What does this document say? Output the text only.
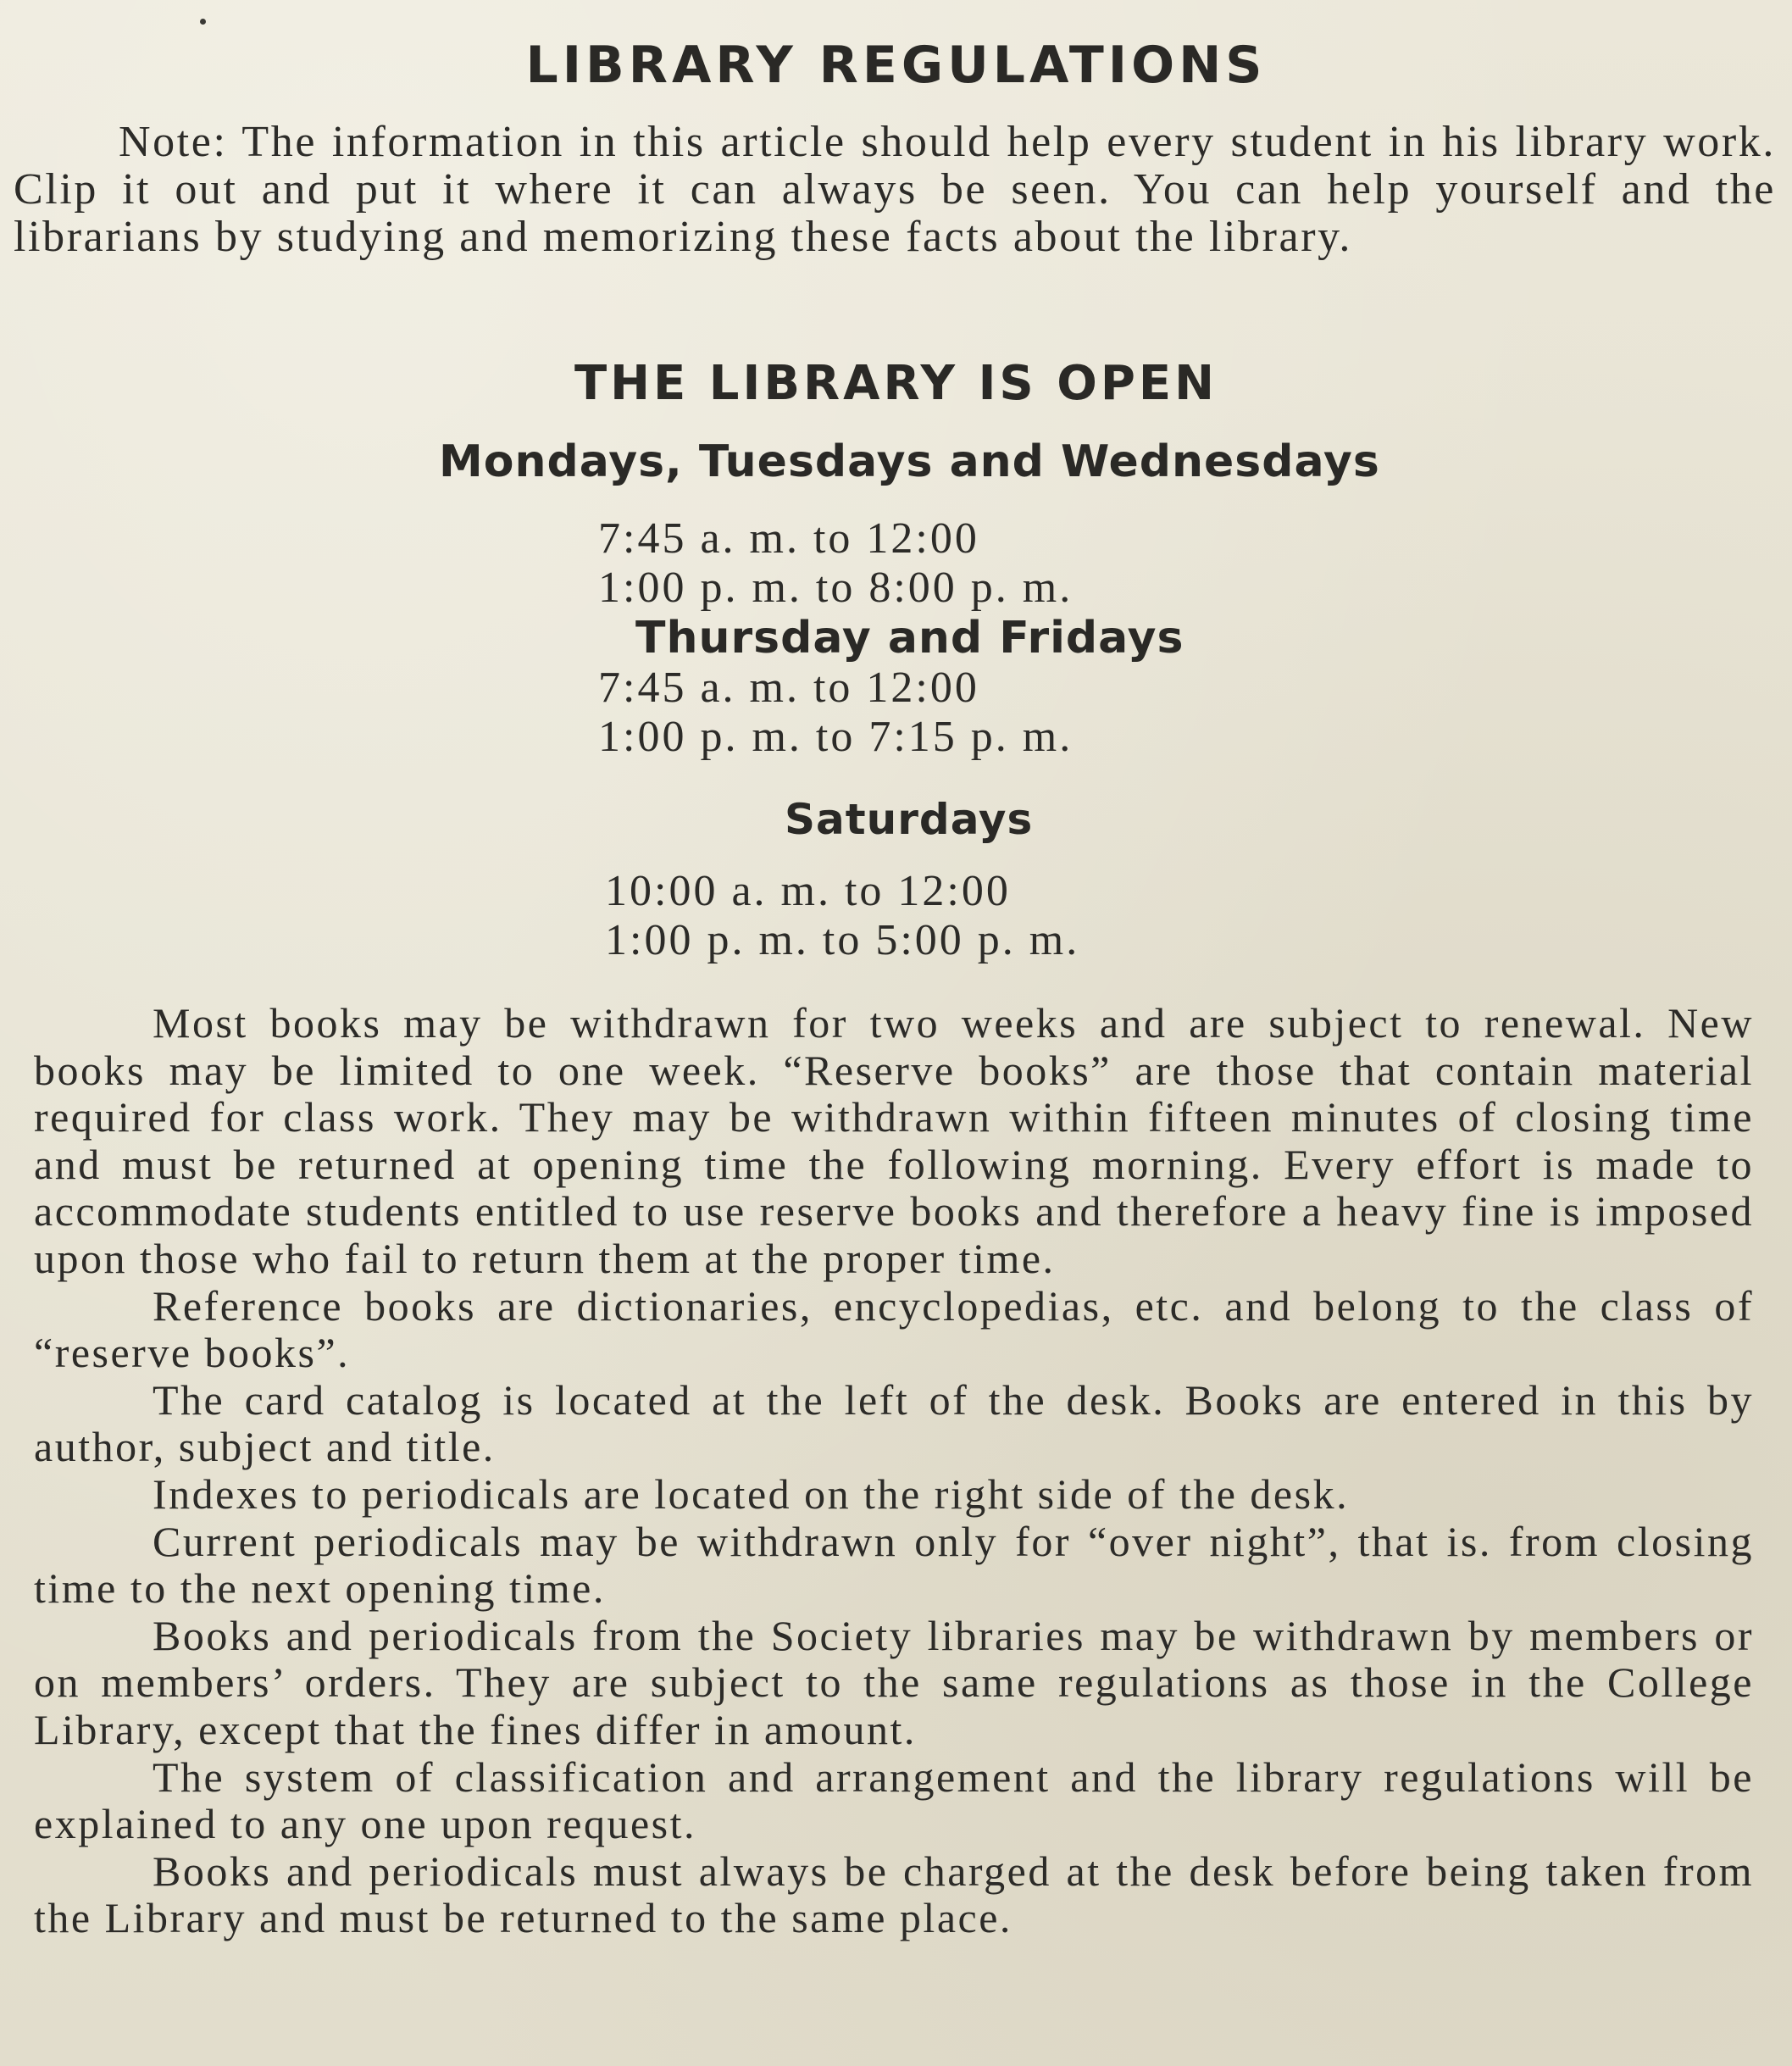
LIBRARY REGULATIONS
Note: The information in this article should help every student in his library work. Clip it out and put it where it can always be seen. You can help yourself and the librarians by studying and memorizing these facts about the library.
THE LIBRARY IS OPEN
Mondays, Tuesdays and Wednesdays
7:45 a. m. to 12:00
1:00 p. m. to 8:00 p. m.
Thursday and Fridays
7:45 a. m. to 12:00
1:00 p. m. to 7:15 p. m.
Saturdays
10:00 a. m. to 12:00
1:00 p. m. to 5:00 p. m.

Most books may be withdrawn for two weeks and are subject to renewal. New books may be limited to one week. “Reserve books” are those that contain material required for class work. They may be withdrawn within fifteen minutes of closing time and must be returned at opening time the following morning. Every effort is made to accommodate students entitled to use reserve books and therefore a heavy fine is imposed upon those who fail to return them at the proper time.

Reference books are dictionaries, encyclopedias, etc. and belong to the class of “reserve books”.

The card catalog is located at the left of the desk. Books are entered in this by author, subject and title.

Indexes to periodicals are located on the right side of the desk.

Current periodicals may be withdrawn only for “over night”, that is. from closing time to the next opening time.

Books and periodicals from the Society libraries may be withdrawn by members or on members’ orders. They are subject to the same regulations as those in the College Library, except that the fines differ in amount.

The system of classification and arrangement and the library regulations will be explained to any one upon request.

Books and periodicals must always be charged at the desk before being taken from the Library and must be returned to the same place.
